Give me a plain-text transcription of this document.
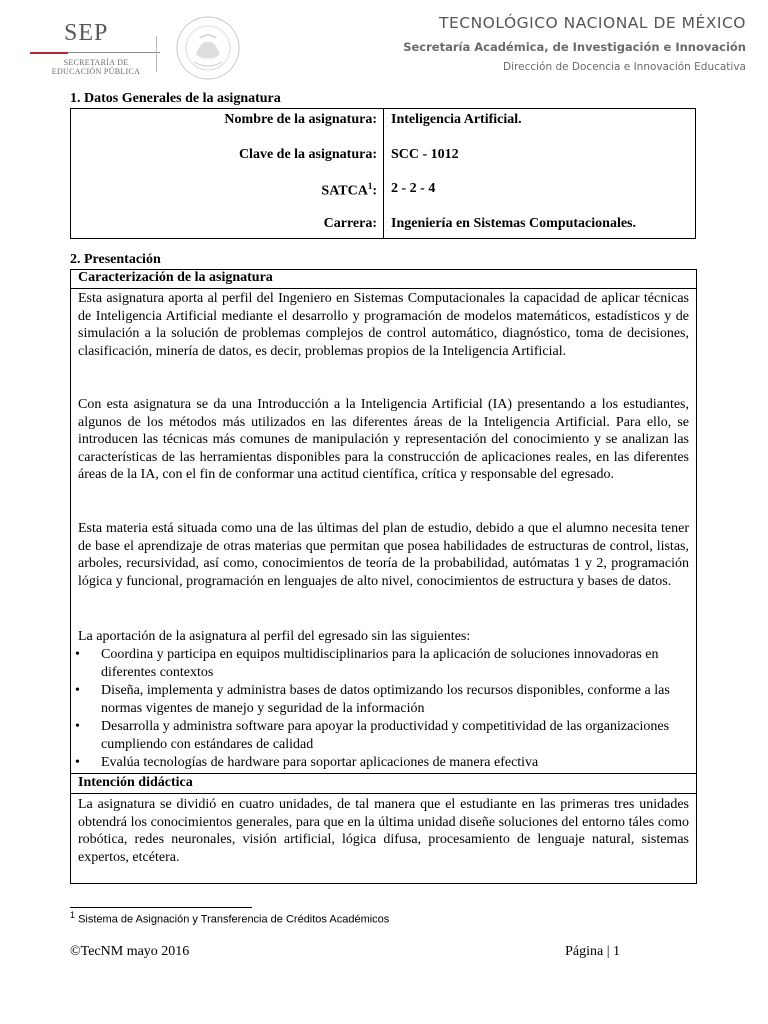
SEP
SECRETARÍA DE
EDUCACIÓN PÚBLICA
TECNOLÓGICO NACIONAL DE MÉXICO
Secretaría Académica, de Investigación e Innovación
Dirección de Docencia e Innovación Educativa
1. Datos Generales de la asignatura
Nombre de la asignatura: Inteligencia Artificial.
Clave de la asignatura: SCC - 1012
SATCA$^1$: 2 - 2 - 4
Carrera: Ingeniería en Sistemas Computacionales.
2. Presentación
Caracterización de la asignatura
Esta asignatura aporta al perfil del Ingeniero en Sistemas Computacionales la capacidad de aplicar técnicas de Inteligencia Artificial mediante el desarrollo y programación de modelos matemáticos, estadísticos y de simulación a la solución de problemas complejos de control automático, diagnóstico, toma de decisiones, clasificación, minería de datos, es decir, problemas propios de la Inteligencia Artificial.
Con esta asignatura se da una Introducción a la Inteligencia Artificial (IA) presentando a los estudiantes, algunos de los métodos más utilizados en las diferentes áreas de la Inteligencia Artificial. Para ello, se introducen las técnicas más comunes de manipulación y representación del conocimiento y se analizan las características de las herramientas disponibles para la construcción de aplicaciones reales, en las diferentes áreas de la IA, con el fin de conformar una actitud científica, crítica y responsable del egresado.
Esta materia está situada como una de las últimas del plan de estudio, debido a que el alumno necesita tener de base el aprendizaje de otras materias que permitan que posea habilidades de estructuras de control, listas, arboles, recursividad, así como, conocimientos de teoría de la probabilidad, autómatas 1 y 2, programación lógica y funcional, programación en lenguajes de alto nivel, conocimientos de estructura y bases de datos.
La aportación de la asignatura al perfil del egresado sin las siguientes:
• Coordina y participa en equipos multidisciplinarios para la aplicación de soluciones innovadoras en diferentes contextos
• Diseña, implementa y administra bases de datos optimizando los recursos disponibles, conforme a las normas vigentes de manejo y seguridad de la información
• Desarrolla y administra software para apoyar la productividad y competitividad de las organizaciones cumpliendo con estándares de calidad
• Evalúa tecnologías de hardware para soportar aplicaciones de manera efectiva
Intención didáctica
La asignatura se dividió en cuatro unidades, de tal manera que el estudiante en las primeras tres unidades obtendrá los conocimientos generales, para que en la última unidad diseñe soluciones del entorno táles como robótica, redes neuronales, visión artificial, lógica difusa, procesamiento de lenguaje natural, sistemas expertos, etcétera.
$^1$ Sistema de Asignación y Transferencia de Créditos Académicos
©TecNM mayo 2016	Página | 1
